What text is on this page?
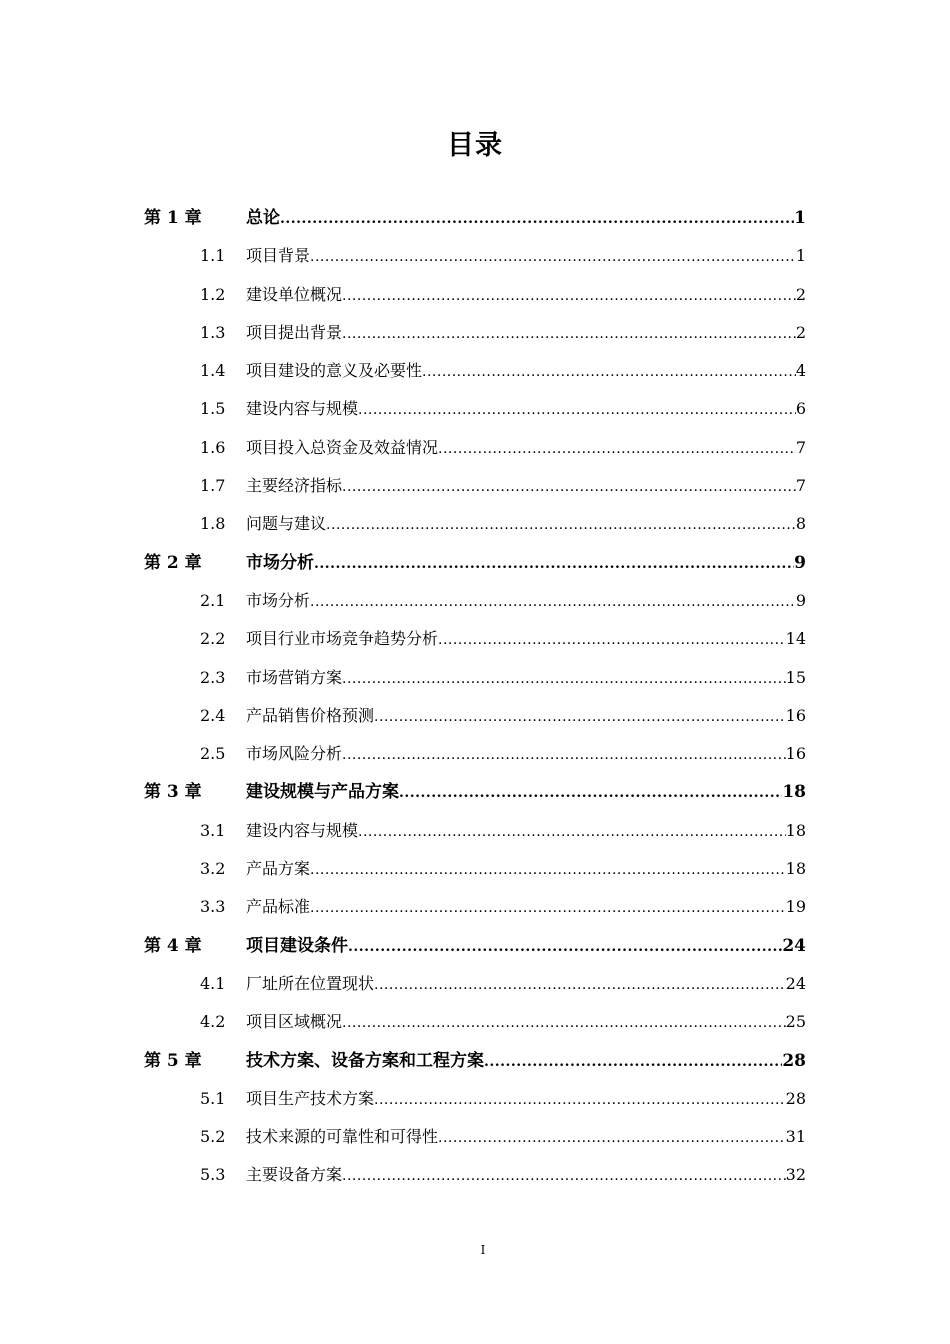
目录
第 1 章	总论 .....	1
1.1 项目背景 .....	1
1.2 建设单位概况 .....	2
1.3 项目提出背景 .....	2
1.4 项目建设的意义及必要性 .....	4
1.5 建设内容与规模 .....	6
1.6 项目投入总资金及效益情况 .....	7
1.7 主要经济指标 .....	7
1.8 问题与建议 .....	8
第 2 章	市场分析 .....	9
2.1 市场分析 .....	9
2.2 项目行业市场竞争趋势分析 .....	14
2.3 市场营销方案 .....	15
2.4 产品销售价格预测 .....	16
2.5 市场风险分析 .....	16
第 3 章	建设规模与产品方案 .....	18
3.1 建设内容与规模 .....	18
3.2 产品方案 .....	18
3.3 产品标准 .....	19
第 4 章	项目建设条件 .....	24
4.1 厂址所在位置现状 .....	24
4.2 项目区域概况 .....	25
第 5 章	技术方案、设备方案和工程方案 .....	28
5.1 项目生产技术方案 .....	28
5.2 技术来源的可靠性和可得性 .....	31
5.3 主要设备方案 .....	32
I
